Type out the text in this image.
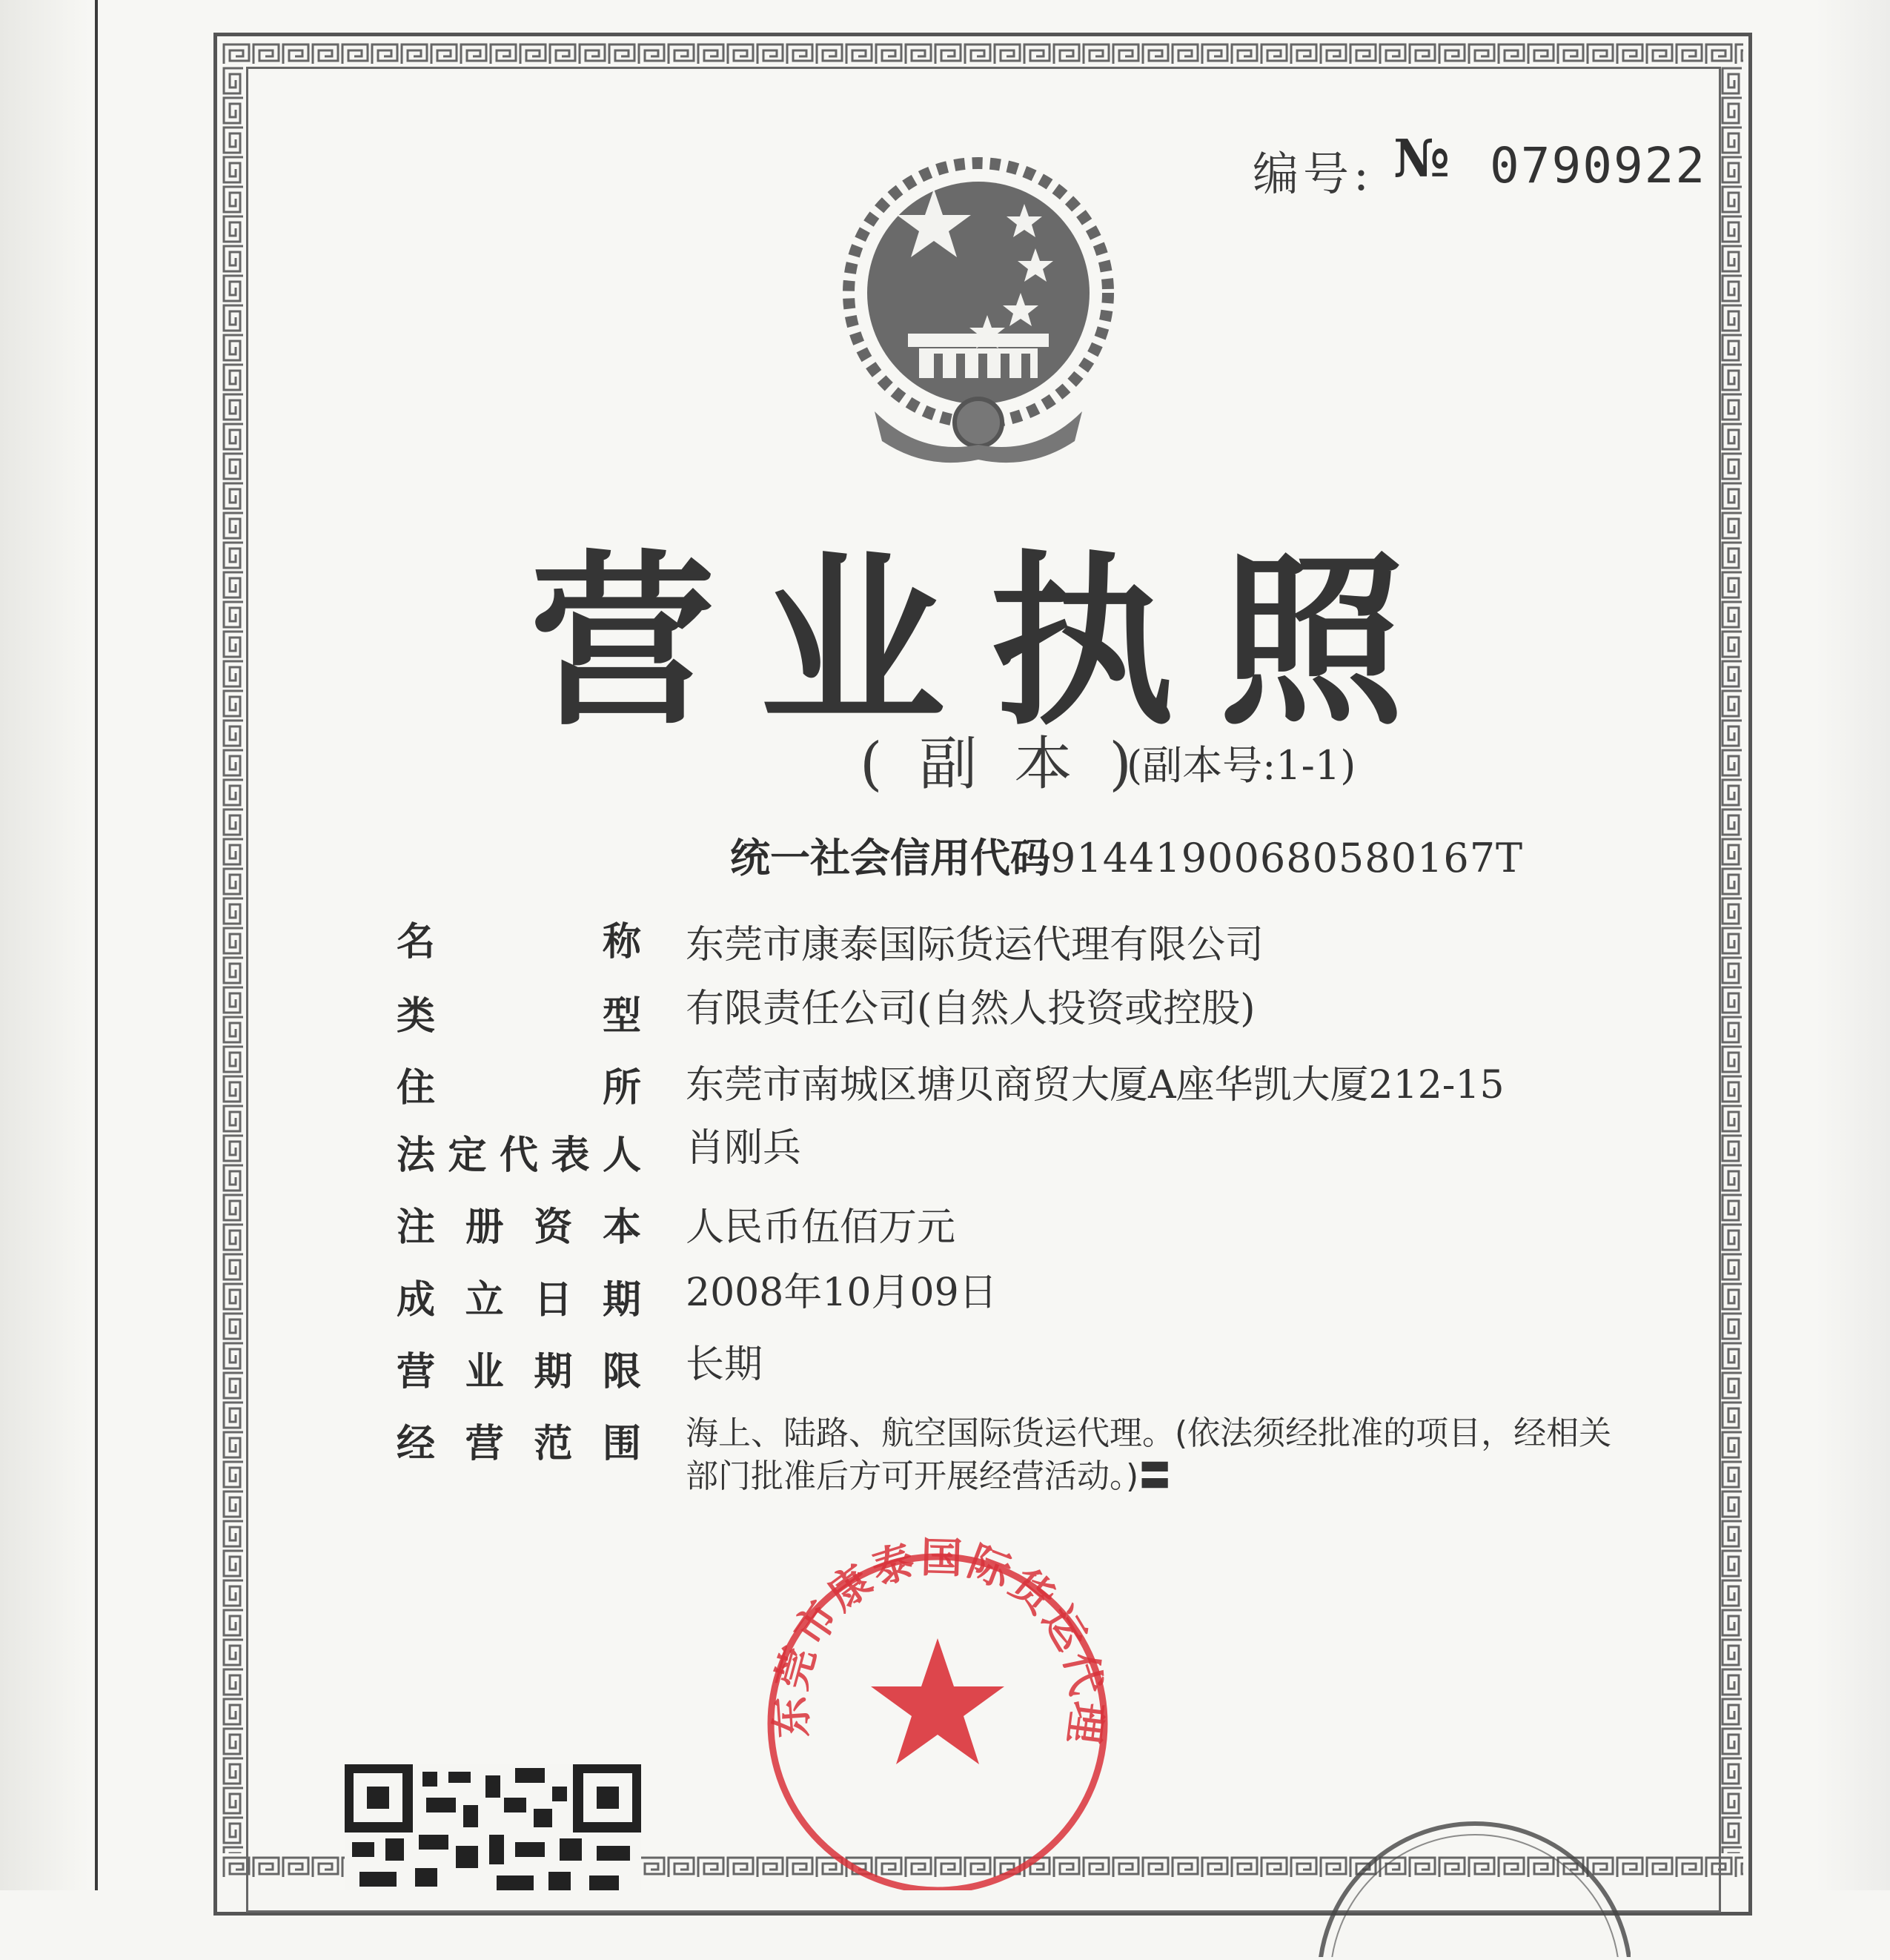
编号: № 0790922
营业执照
(副本)
(副本号:1-1)
统一社会信用代码91441900680580167T
名称 东莞市康泰国际货运代理有限公司
类型 有限责任公司(自然人投资或控股)
住所 东莞市南城区塘贝商贸大厦A座华凯大厦212-15
法定代表人 肖刚兵
注册资本 人民币伍佰万元
成立日期 2008年10月09日
营业期限 长期
经营范围 海上、陆路、航空国际货运代理。(依法须经批准的项目，经相关部门批准后方可开展经营活动。)〓
东莞市康泰国际货运代理
